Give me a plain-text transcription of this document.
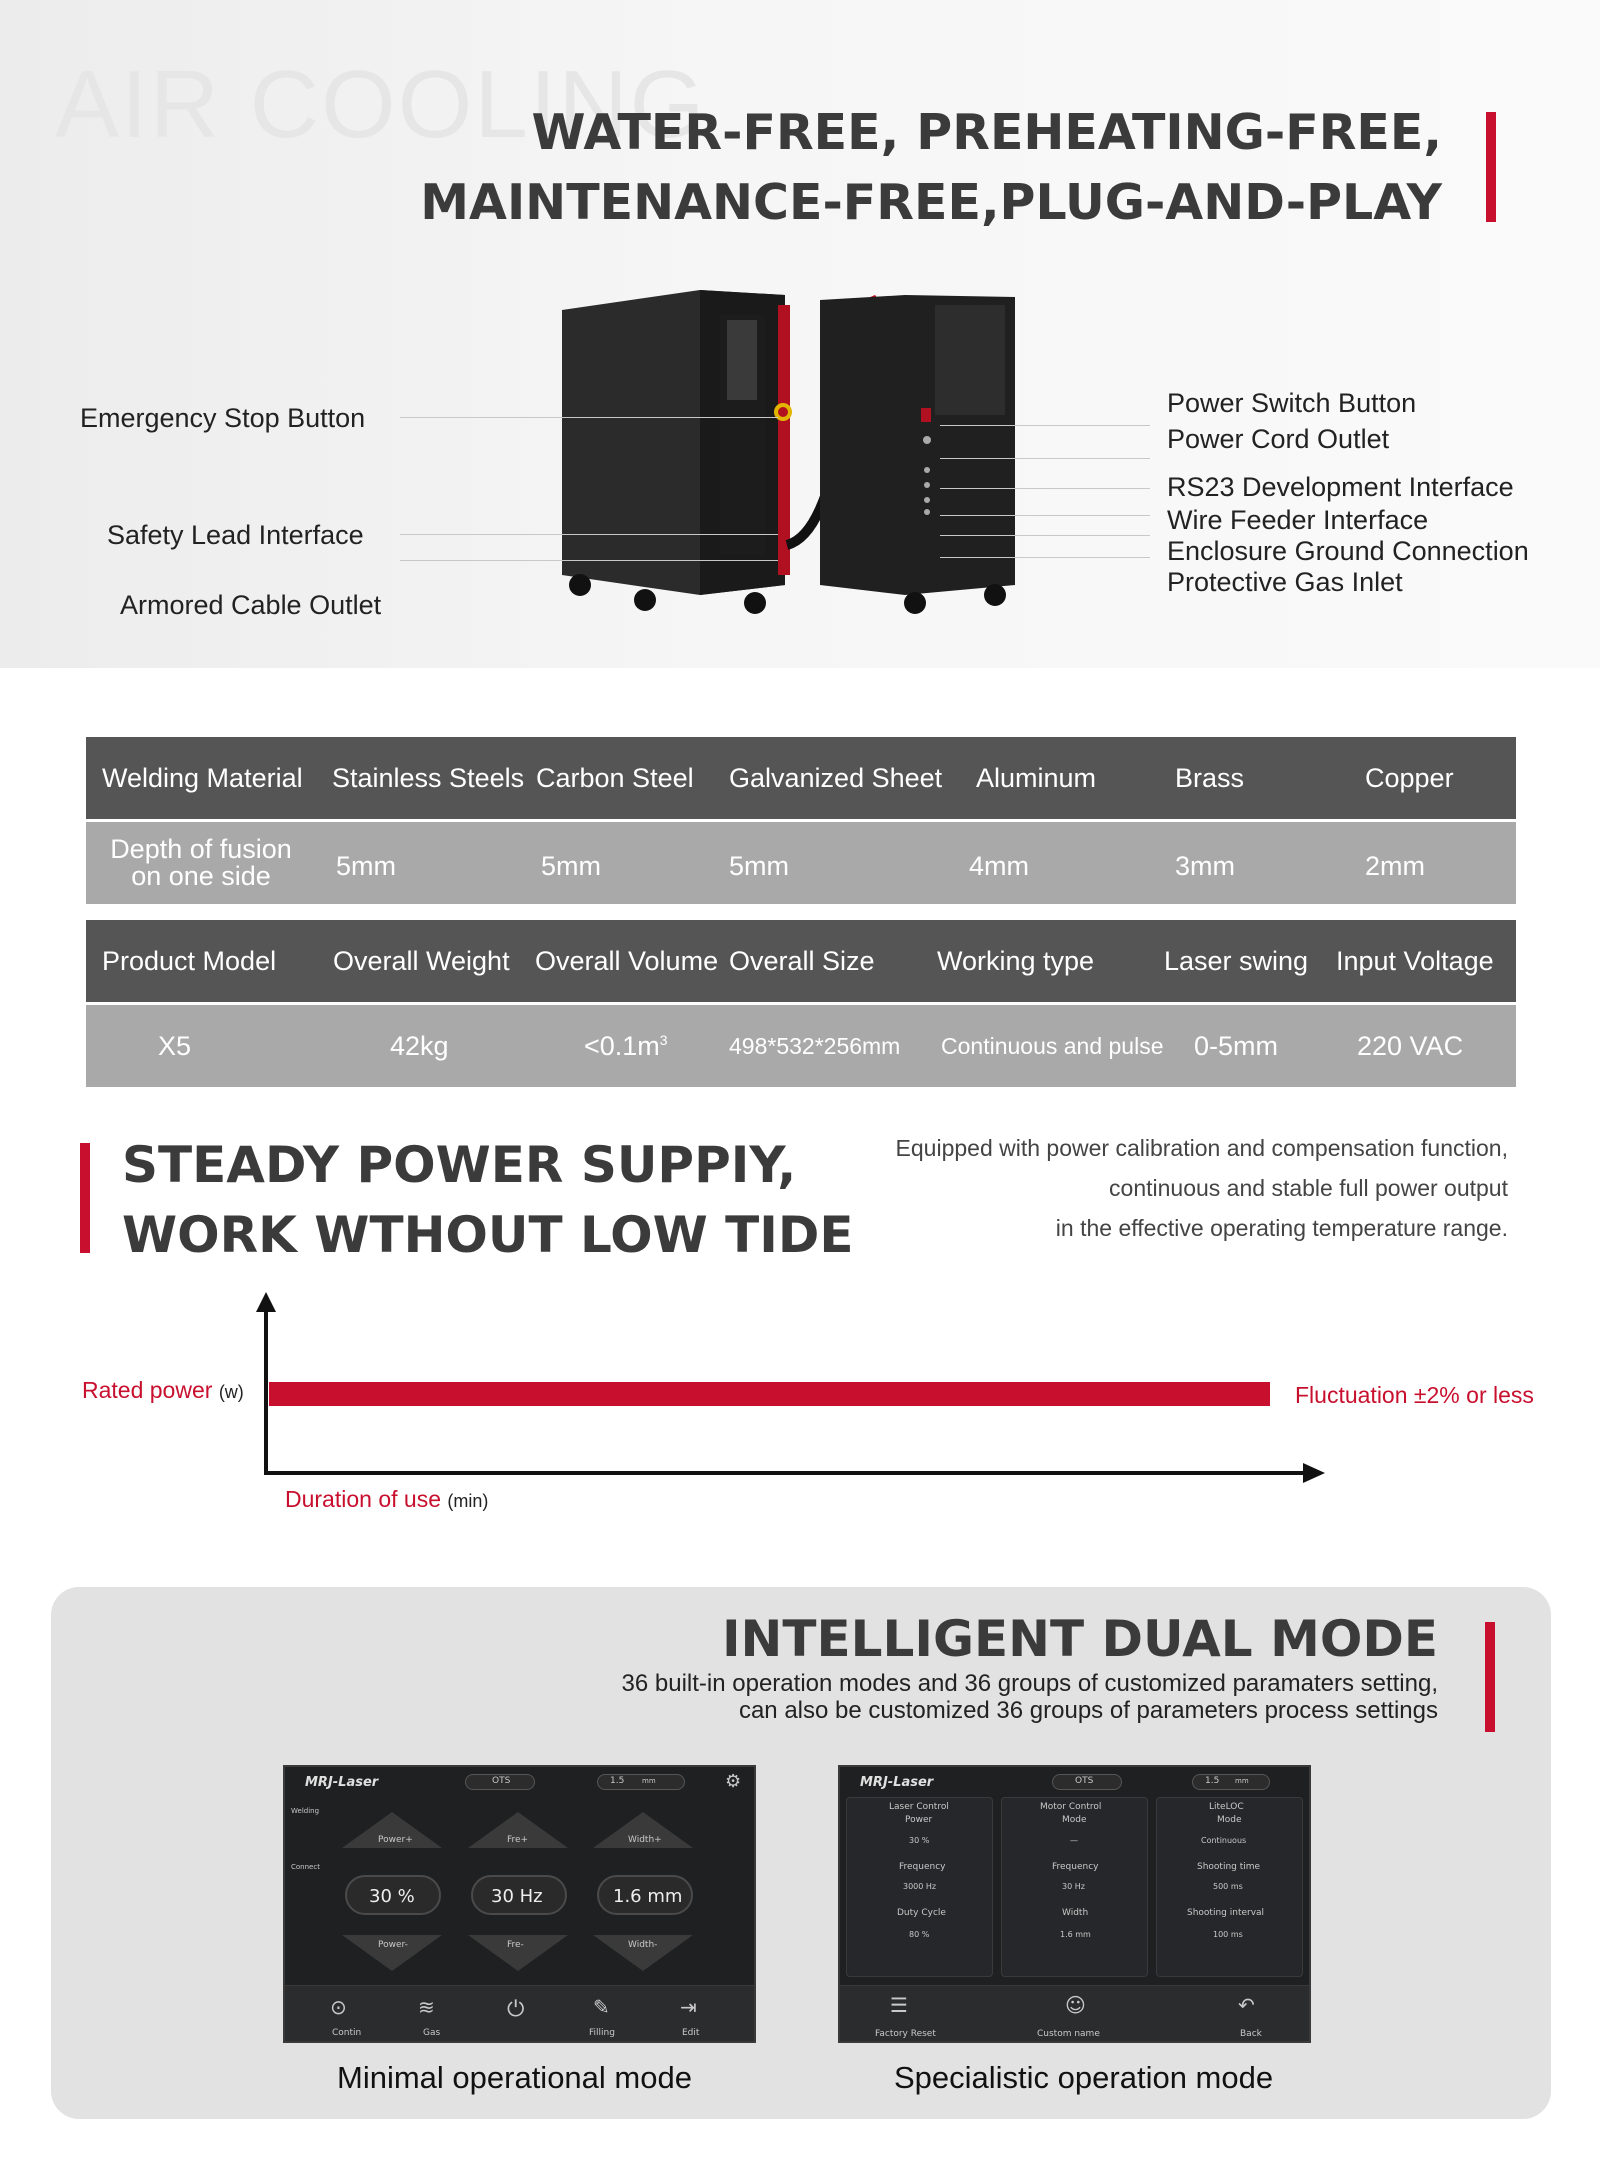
AIR COOLING
WATER-FREE, PREHEATING-FREE,
MAINTENANCE-FREE,PLUG-AND-PLAY
Emergency Stop Button
Safety Lead Interface
Armored Cable Outlet
Power Switch Button
Power Cord Outlet
RS23 Development Interface
Wire Feeder Interface
Enclosure Ground Connection
Protective Gas Inlet
Welding Material Stainless Steels Carbon Steel Galvanized Sheet Aluminum	Brass	Copper
Depth of fusion
on one side	5mm	5mm	5mm	4mm	3mm	2mm
Product Model Overall Weight Overall Volume Overall Size Working type	Laser swing Input Voltage
X5	42kg	$<0.1m^3$	498*532*256mm Continuous and pulse 0-5mm	220 VAC
STEADY POWER SUPPIY,
WORK WTHOUT LOW TIDE
Equipped with power calibration and compensation function,
continuous and stable full power output
in the effective operating temperature range.
Rated power (w)	Fluctuation ±2% or less
Duration of use (min)
INTELLIGENT DUAL MODE
36 built-in operation modes and 36 groups of customized paramaters setting,
can also be customized 36 groups of parameters process settings
MRJ-Laser	OTS	1.5	mm	⚙
Welding
Connect
Power+	Fre+	Width+
30 %	30 Hz	1.6 mm
Power-	Fre-	Width-
⊙
Contin
≋
Gas
⏻	✎
Filling
⇥
Edit
Minimal operational mode
MRJ-Laser	OTS	1.5 mm
Laser Control
Power
30 %
Frequency
3000 Hz
Duty Cycle
80 %
Motor Control
Mode
—
Frequency
30 Hz
Width
1.6 mm
LiteLOC
Mode
Continuous
Shooting time
500 ms
Shooting interval
100 ms
☰
Factory Reset
☺
Custom name
↶
Back
Specialistic operation mode
